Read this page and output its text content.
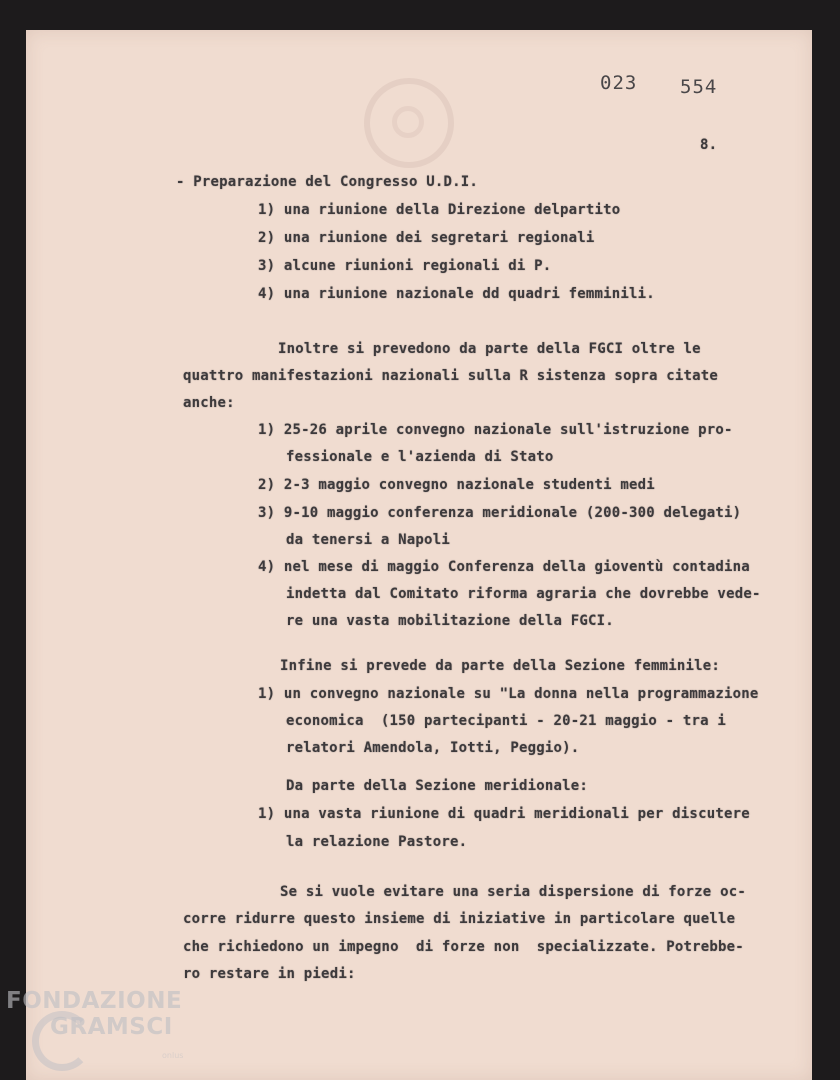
023 554
8.
- Preparazione del Congresso U.D.I.
1) una riunione della Direzione delpartito
2) una riunione dei segretari regionali
3) alcune riunioni regionali di P.
4) una riunione nazionale dd quadri femminili.
Inoltre si prevedono da parte della FGCI oltre le
quattro manifestazioni nazionali sulla R sistenza sopra citate
anche:
1) 25-26 aprile convegno nazionale sull'istruzione pro-
fessionale e l'azienda di Stato
2) 2-3 maggio convegno nazionale studenti medi
3) 9-10 maggio conferenza meridionale (200-300 delegati)
da tenersi a Napoli
4) nel mese di maggio Conferenza della gioventù contadina
indetta dal Comitato riforma agraria che dovrebbe vede-
re una vasta mobilitazione della FGCI.
Infine si prevede da parte della Sezione femminile:
1) un convegno nazionale su "La donna nella programmazione
economica  (150 partecipanti - 20-21 maggio - tra i
relatori Amendola, Iotti, Peggio).
Da parte della Sezione meridionale:
1) una vasta riunione di quadri meridionali per discutere
la relazione Pastore.
Se si vuole evitare una seria dispersione di forze oc-
corre ridurre questo insieme di iniziative in particolare quelle
che richiedono un impegno  di forze non  specializzate. Potrebbe-
ro restare in piedi:
FONDAZIONE
GRAMSCI
onlus
